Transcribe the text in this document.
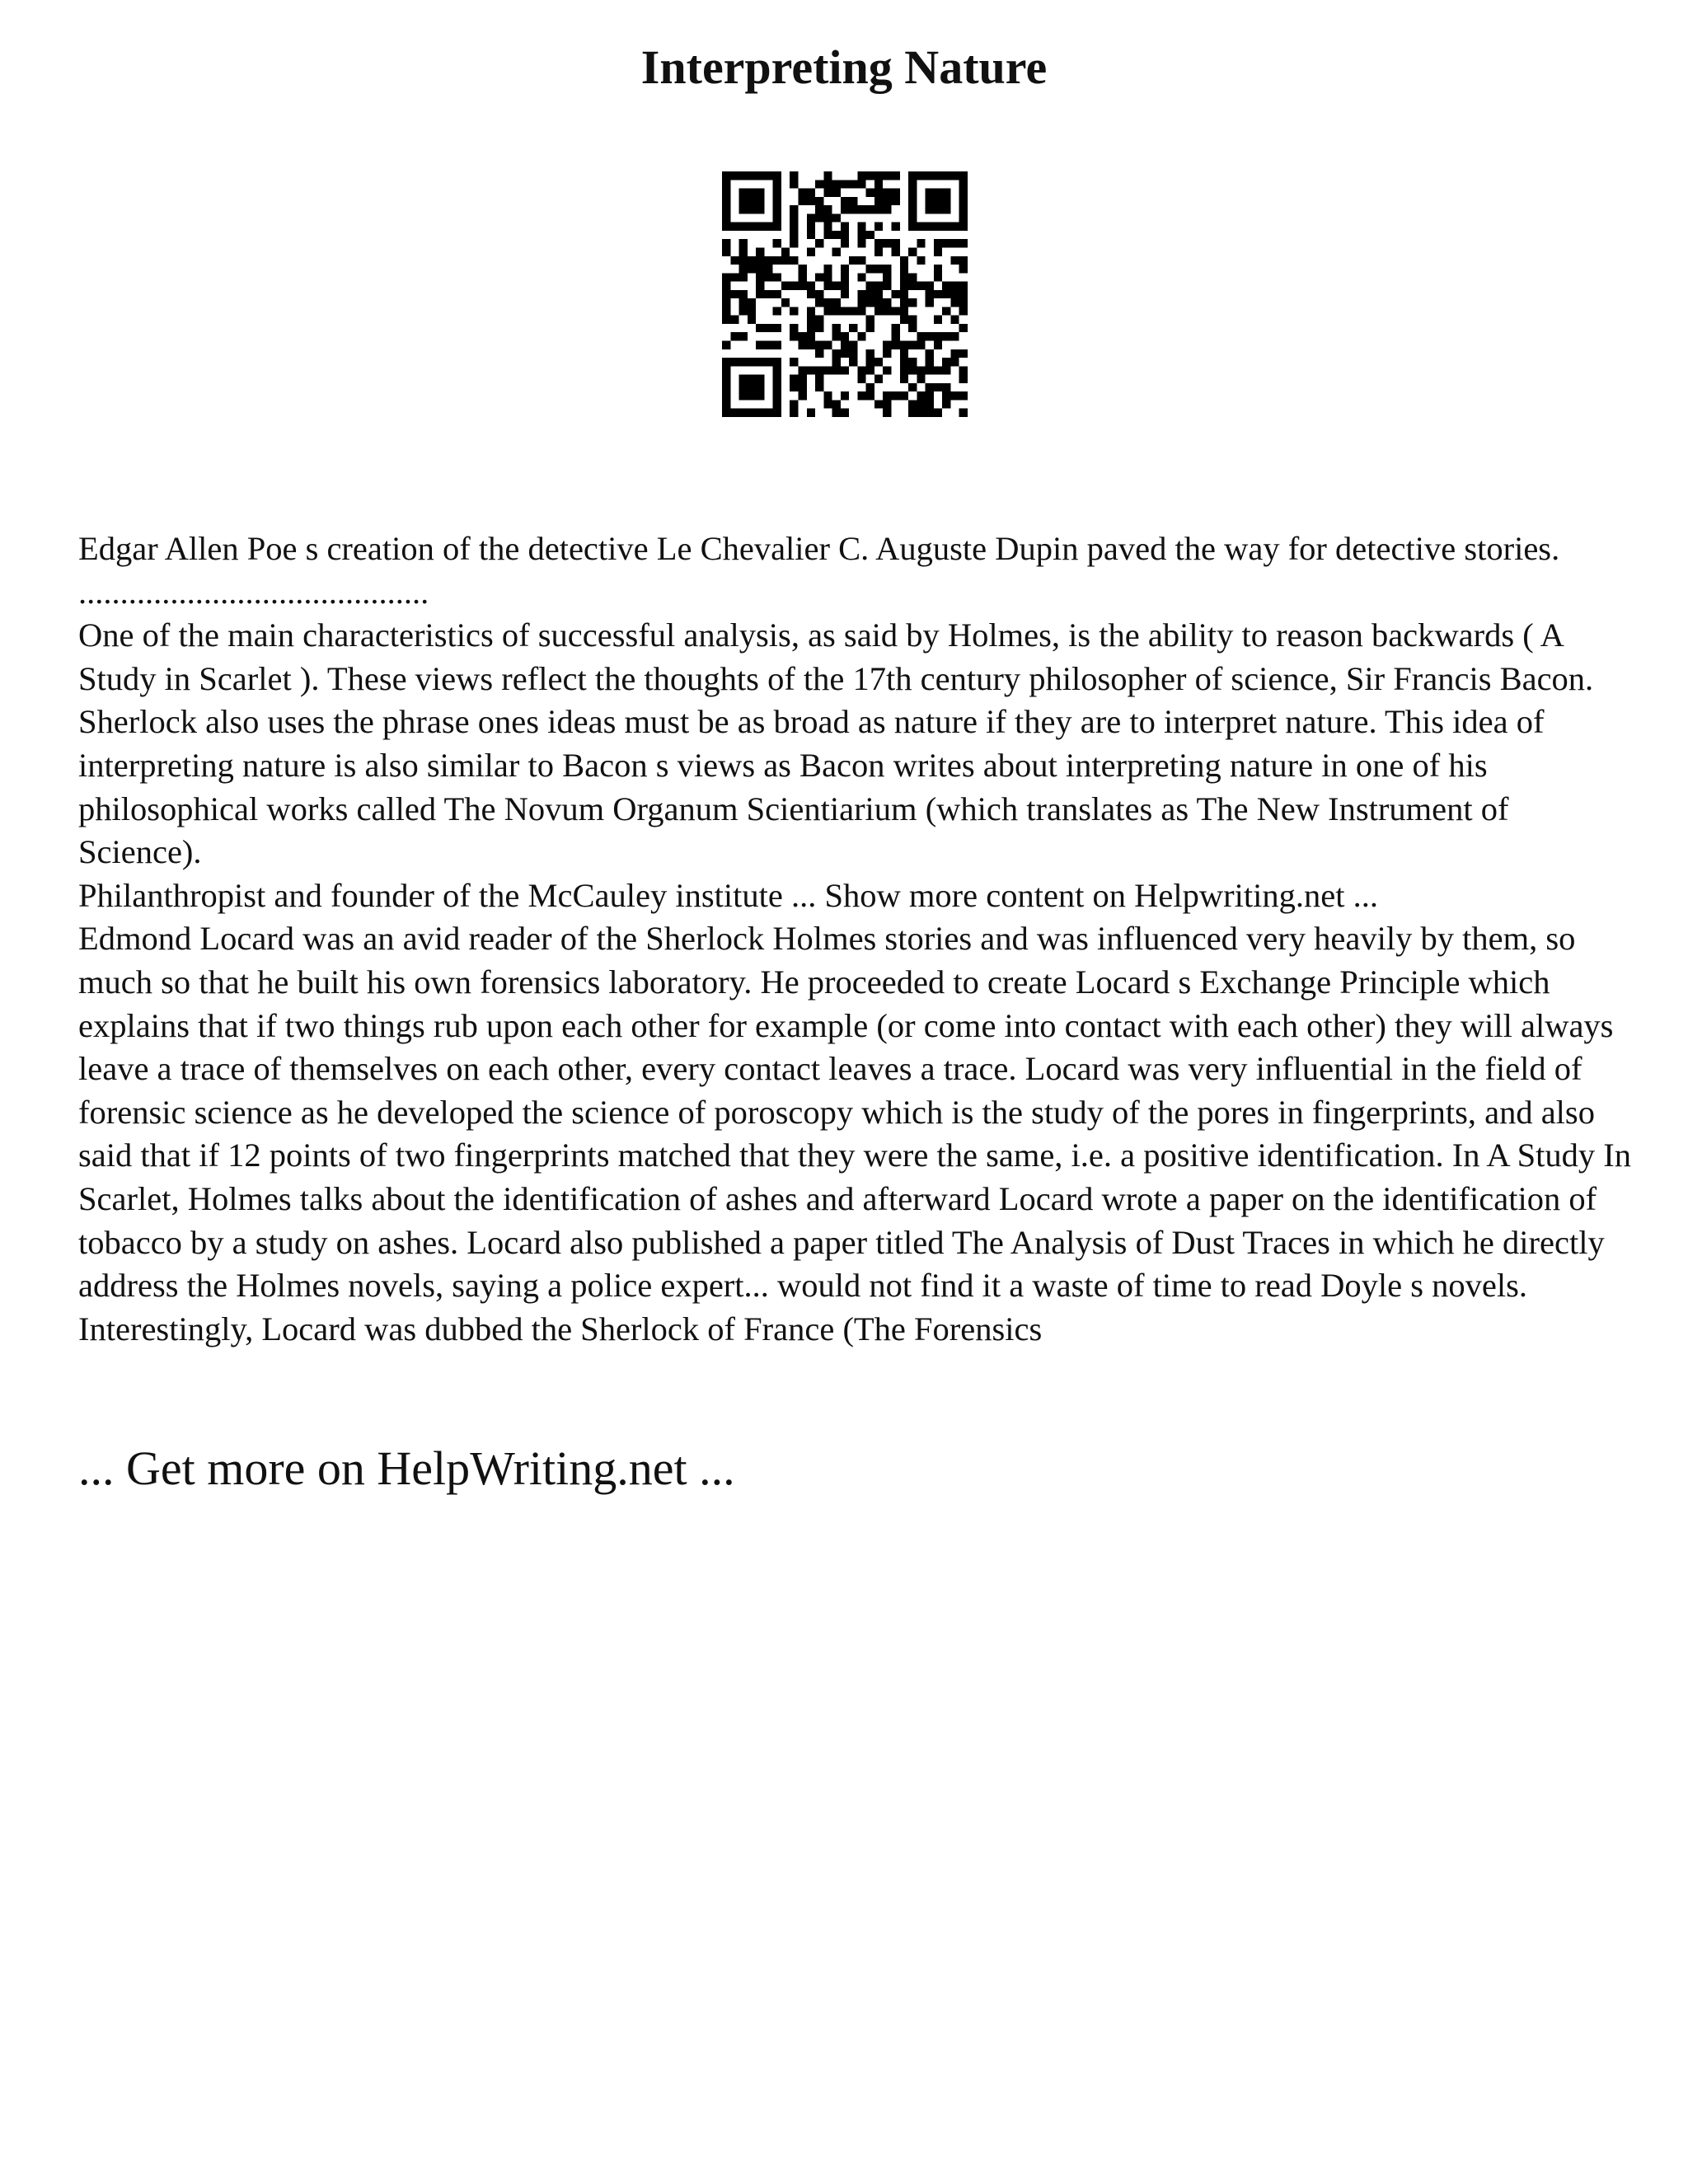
Interpreting Nature

Edgar Allen Poe s creation of the detective Le Chevalier C. Auguste Dupin paved the way for detective stories. ..........................................

One of the main characteristics of successful analysis, as said by Holmes, is the ability to reason backwards ( A Study in Scarlet ). These views reflect the thoughts of the 17th century philosopher of science, Sir Francis Bacon. Sherlock also uses the phrase ones ideas must be as broad as nature if they are to interpret nature. This idea of interpreting nature is also similar to Bacon s views as Bacon writes about interpreting nature in one of his philosophical works called The Novum Organum Scientiarium (which translates as The New Instrument of Science).

Philanthropist and founder of the McCauley institute ... Show more content on Helpwriting.net ...

Edmond Locard was an avid reader of the Sherlock Holmes stories and was influenced very heavily by them, so much so that he built his own forensics laboratory. He proceeded to create Locard s Exchange Principle which explains that if two things rub upon each other for example (or come into contact with each other) they will always leave a trace of themselves on each other, every contact leaves a trace. Locard was very influential in the field of forensic science as he developed the science of poroscopy which is the study of the pores in fingerprints, and also said that if 12 points of two fingerprints matched that they were the same, i.e. a positive identification. In A Study In Scarlet, Holmes talks about the identification of ashes and afterward Locard wrote a paper on the identification of tobacco by a study on ashes. Locard also published a paper titled The Analysis of Dust Traces in which he directly address the Holmes novels, saying a police expert... would not find it a waste of time to read Doyle s novels. Interestingly, Locard was dubbed the Sherlock of France (The Forensics

... Get more on HelpWriting.net ...
